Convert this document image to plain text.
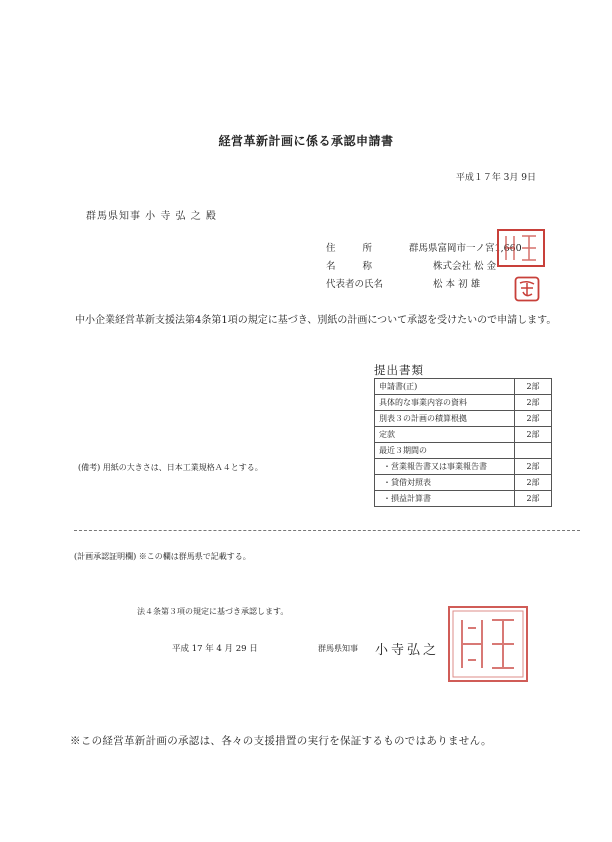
経営革新計画に係る承認申請書
平成１７年 3月 9日
群馬県知事 小 寺 弘 之 殿
住 所	群馬県富岡市一ノ宮1,660
名 称	株式会社 松 金
代表者の氏名	松 本 初 雄
中小企業経営革新支援法第4条第1項の規定に基づき、別紙の計画について承認を受けたいので申請します。
提出書類
申請書(正)	2部
具体的な事業内容の資料	2部
別表３の計画の積算根拠	2部
定款	2部
最近３期間の	
・営業報告書又は事業報告書	2部
・貸借対照表	2部
・損益計算書	2部
(備考) 用紙の大きさは、日本工業規格Ａ４とする。
(計画承認証明欄) ※この欄は群馬県で記載する。
法４条第３項の規定に基づき承認します。
平成 17 年 4 月 29 日	群馬県知事 小寺弘之
※この経営革新計画の承認は、各々の支援措置の実行を保証するものではありません。
